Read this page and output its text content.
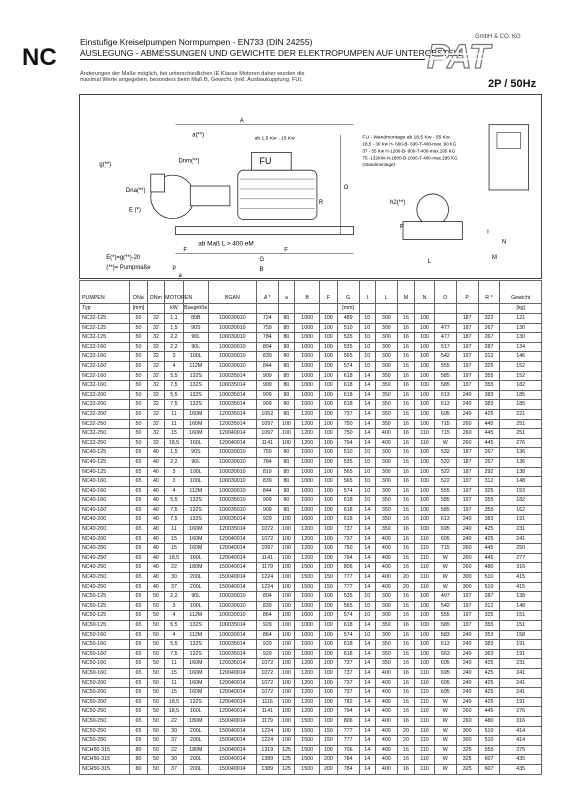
NC
Einstufige Kreiselpumpen Normpumpen - EN733 (DIN 24255)
AUSLEGUNG - ABMESSUNGEN UND GEWICHTE DER ELEKTROPUMPEN AUF UNTERGESTELL
Änderungen der Maße möglich, bei unterschiedlichen IE Klasse Motoren daher wurden die maximal Werte angegeben, besonders beim Maß B, Gewicht, (inkl. Ausbaukupplung, FU).
GmbH & CO. KG
PAT
2P / 50Hz
FU
A
ab 1,5 Kw - 15 Kw
a(**)
g(**)
Dnm(**)
Dna(**)
E (*)
O
R
ab Maß L > 400 eM
F	F
G
B
p
a
E(*)=g(**)-20
(**)= Pumpmaße
FU - Wandmontage ab 18,5 Kw - 55 Kw
18,5 - 30 Kw H- 600-B- 600-T-400-max. 90 KG
37 - 55 Kw H-1200-B- 800-T-400-max.195 KG
75 -132KW-H-1800-B-1000-T-400-max.295 KG
(Standmontage)
h2(**)
P
L
M
N
I
PUMPEN	DNa	DNm	MOTOREN		BGAN	A *	a	B	F	G	I	L	M	N	O	P	R *	Gewicht
Typ	[mm]		kW	Baugröße						[mm]								[kg]
NC32-125	50	32	1,1	80B	100030010	724	80	1000	100	489	10	300	16	100		187	322	121
NC32-125	50	32	1,5	90S	100030010	759	80	1000	100	510	10	300	16	100	477	187	267	130
NC32-125	50	32	2,2	90L	100030010	784	80	1000	100	535	10	300	16	100	477	187	267	130
NC32-160	50	32	2,2	90L	100030010	804	80	1000	100	535	10	300	16	100	517	197	287	134
NC32-160	50	32	3	100L	100030010	839	80	1000	100	565	10	300	16	100	542	197	312	146
NC32-160	50	32	4	112M	100030010	844	80	1000	100	574	10	300	16	100	555	197	325	152
NC32-160	50	32	5,5	132S	100035014	909	80	1000	100	618	14	350	16	100	585	197	355	152
NC32-160	50	32	7,5	132S	100035014	909	80	1000	100	618	14	350	16	100	585	197	355	182
NC32-200	50	32	5,5	132S	100035014	909	80	1000	100	618	14	350	16	100	613	240	383	185
NC32-200	50	32	7,5	132S	100035014	909	80	1000	100	618	14	350	16	100	613	240	383	185
NC32-200	50	32	11	160M	120035014	1052	80	1200	100	737	14	350	16	100	695	240	425	221
NC32-250	50	32	11	160M	120035014	1097	100	1200	100	750	14	350	16	100	715	260	445	251
NC32-250	50	32	15	160M	120040014	1097	100	1200	100	750	14	400	16	110	715	260	445	251
NC32-250	50	32	18,5	160L	120040014	1141	100	1200	100	794	14	400	16	110	W	260	445	276
NC40-125	65	40	1,5	90S	100030010	759	80	1000	100	510	10	300	16	100	532	187	267	136
NC40-125	65	40	2,2	90L	100030010	784	80	1000	100	535	10	300	16	100	532	187	267	136
NC40-125	65	40	3	100L	100030010	819	80	1000	100	565	10	300	16	100	522	187	292	138
NC40-160	65	40	3	100L	100030010	839	80	1000	100	565	10	300	16	100	522	197	312	148
NC40-160	65	40	4	112M	100030010	844	80	1000	100	574	10	300	16	100	555	197	325	153
NC40-160	65	40	5,5	132S	100035010	909	80	1000	100	618	10	350	16	100	585	197	355	182
NC40-160	65	40	7,5	132S	100035010	909	80	1000	100	618	14	350	16	100	585	197	355	162
NC40-200	65	40	7,5	132S	100035014	929	100	1000	100	618	14	350	16	100	613	240	383	191
NC40-200	65	40	11	160M	120035014	1072	100	1200	100	737	14	350	16	100	695	240	425	231
NC40-200	65	40	15	160M	120040014	1072	100	1200	100	737	14	400	16	110	695	240	425	241
NC40-250	65	40	15	160M	120040014	1097	100	1200	100	750	14	400	16	110	715	260	445	250
NC40-250	65	40	18,5	160L	120040014	1141	100	1200	100	794	14	400	16	110	W	260	445	277
NC40-250	65	40	22	180M	150040014	1179	100	1500	100	806	14	400	16	110	W	260	480	316
NC40-250	65	40	30	200L	150040014	1224	100	1500	150	777	14	400	20	110	W	300	510	415
NC40-250	65	40	37	200L	150040014	1224	100	1500	150	777	14	400	20	110	W	300	510	415
NC50-125	65	50	2,2	90L	100030010	804	100	1000	100	535	10	300	16	100	497	197	287	138
NC50-125	65	50	3	100L	100030010	839	100	1000	100	565	10	300	16	100	542	197	312	148
NC50-125	65	50	4	112M	100030010	864	100	1000	100	574	10	300	16	100	555	197	325	151
NC50-125	65	50	5,5	132S	100035014	929	100	1000	100	618	14	350	16	100	585	197	355	151
NC50-160	65	50	4	112M	100030014	864	100	1000	100	574	10	300	16	100	583	240	353	158
NC50-160	65	50	5,5	132S	100035014	929	100	1000	100	618	14	350	16	100	613	240	383	191
NC50-160	65	50	7,5	132S	100035014	929	100	1000	100	618	14	350	16	100	663	240	363	191
NC50-160	65	50	11	160M	120035014	1072	100	1200	100	737	14	350	16	100	695	240	425	231
NC50-160	65	50	15	160M	120040014	1072	100	1200	100	737	14	400	16	110	695	240	425	241
NC50-200	65	50	11	160M	120040014	1072	100	1200	100	737	14	400	16	110	695	240	425	241
NC50-200	65	50	15	160M	120040014	1072	100	1200	100	737	14	400	16	110	695	240	425	241
NC50-200	65	50	18,5	132S	120040014	1116	100	1200	100	782	14	400	16	110	W	240	425	191
NC50-250	65	50	18,5	160L	120040014	1141	100	1200	100	794	14	400	16	110	W	260	445	276
NC50-250	65	50	22	180M	150040014	1179	100	1500	100	806	14	400	16	110	W	260	480	316
NC50-250	65	50	30	200L	150040014	1224	100	1500	150	777	14	400	20	110	W	300	510	414
NC50-250	65	50	37	200L	150040014	1224	100	1500	150	777	14	400	20	110	W	300	510	414
NCH50-315	80	50	22	180M	150040014	1319	125	1500	100	706	14	400	16	110	W	325	555	375
NCH50-315	80	50	30	200L	150040014	1389	125	1500	200	784	14	400	16	110	W	325	607	435
NCH50-315	80	50	37	200L	150040014	1389	125	1500	200	784	14	400	16	110	W	325	607	435
